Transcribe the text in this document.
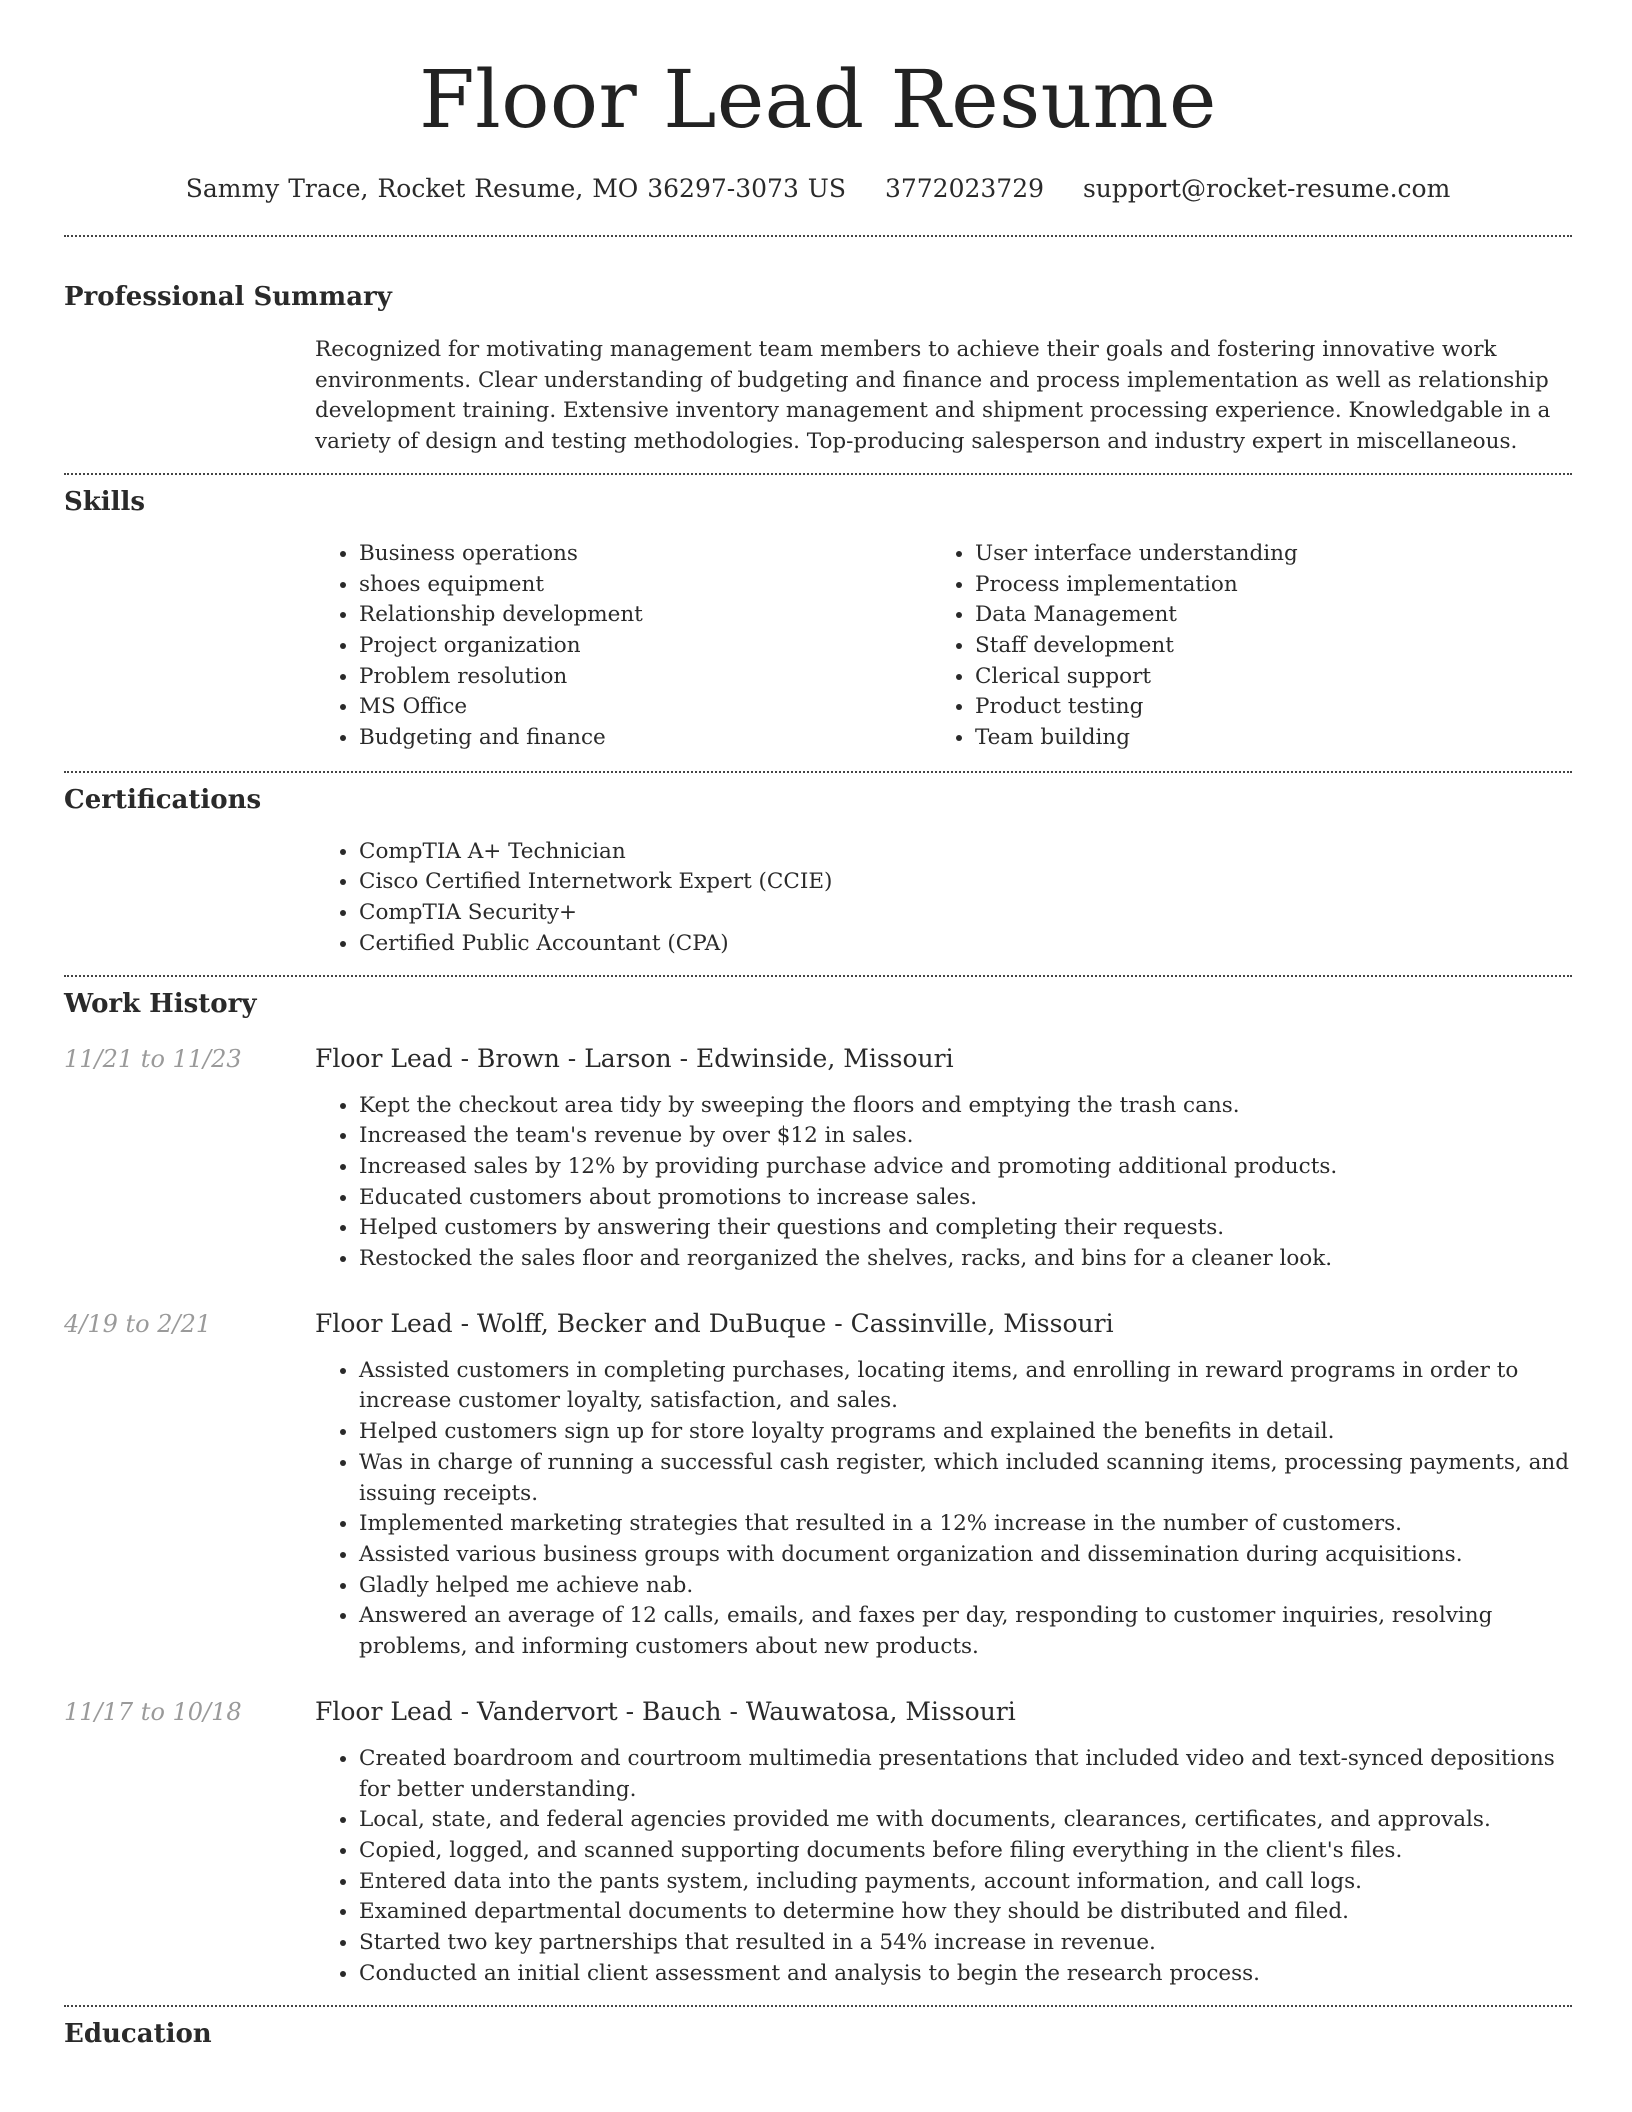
Floor Lead Resume
Sammy Trace, Rocket Resume, MO 36297-3073 US 3772023729 support@rocket-resume.com
Professional Summary

Recognized for motivating management team members to achieve their goals and fostering innovative work environments. Clear understanding of budgeting and finance and process implementation as well as relationship development training. Extensive inventory management and shipment processing experience. Knowledgable in a variety of design and testing methodologies. Top-producing salesperson and industry expert in miscellaneous.

Skills
• Business operations
• shoes equipment
• Relationship development
• Project organization
• Problem resolution
• MS Office
• Budgeting and finance
• User interface understanding
• Process implementation
• Data Management
• Staff development
• Clerical support
• Product testing
• Team building
Certifications
• CompTIA A+ Technician
• Cisco Certified Internetwork Expert (CCIE)
• CompTIA Security+
• Certified Public Accountant (CPA)
Work History
11/21 to 11/23	Floor Lead - Brown - Larson - Edwinside, Missouri
• Kept the checkout area tidy by sweeping the floors and emptying the trash cans.
• Increased the team's revenue by over $12 in sales.
• Increased sales by 12% by providing purchase advice and promoting additional products.
• Educated customers about promotions to increase sales.
• Helped customers by answering their questions and completing their requests.
• Restocked the sales floor and reorganized the shelves, racks, and bins for a cleaner look.
4/19 to 2/21	Floor Lead - Wolff, Becker and DuBuque - Cassinville, Missouri
• Assisted customers in completing purchases, locating items, and enrolling in reward programs in order to increase customer loyalty, satisfaction, and sales.
• Helped customers sign up for store loyalty programs and explained the benefits in detail.
• Was in charge of running a successful cash register, which included scanning items, processing payments, and issuing receipts.
• Implemented marketing strategies that resulted in a 12% increase in the number of customers.
• Assisted various business groups with document organization and dissemination during acquisitions.
• Gladly helped me achieve nab.
• Answered an average of 12 calls, emails, and faxes per day, responding to customer inquiries, resolving problems, and informing customers about new products.
11/17 to 10/18	Floor Lead - Vandervort - Bauch - Wauwatosa, Missouri
• Created boardroom and courtroom multimedia presentations that included video and text-synced depositions for better understanding.
• Local, state, and federal agencies provided me with documents, clearances, certificates, and approvals.
• Copied, logged, and scanned supporting documents before filing everything in the client's files.
• Entered data into the pants system, including payments, account information, and call logs.
• Examined departmental documents to determine how they should be distributed and filed.
• Started two key partnerships that resulted in a 54% increase in revenue.
• Conducted an initial client assessment and analysis to begin the research process.
Education
